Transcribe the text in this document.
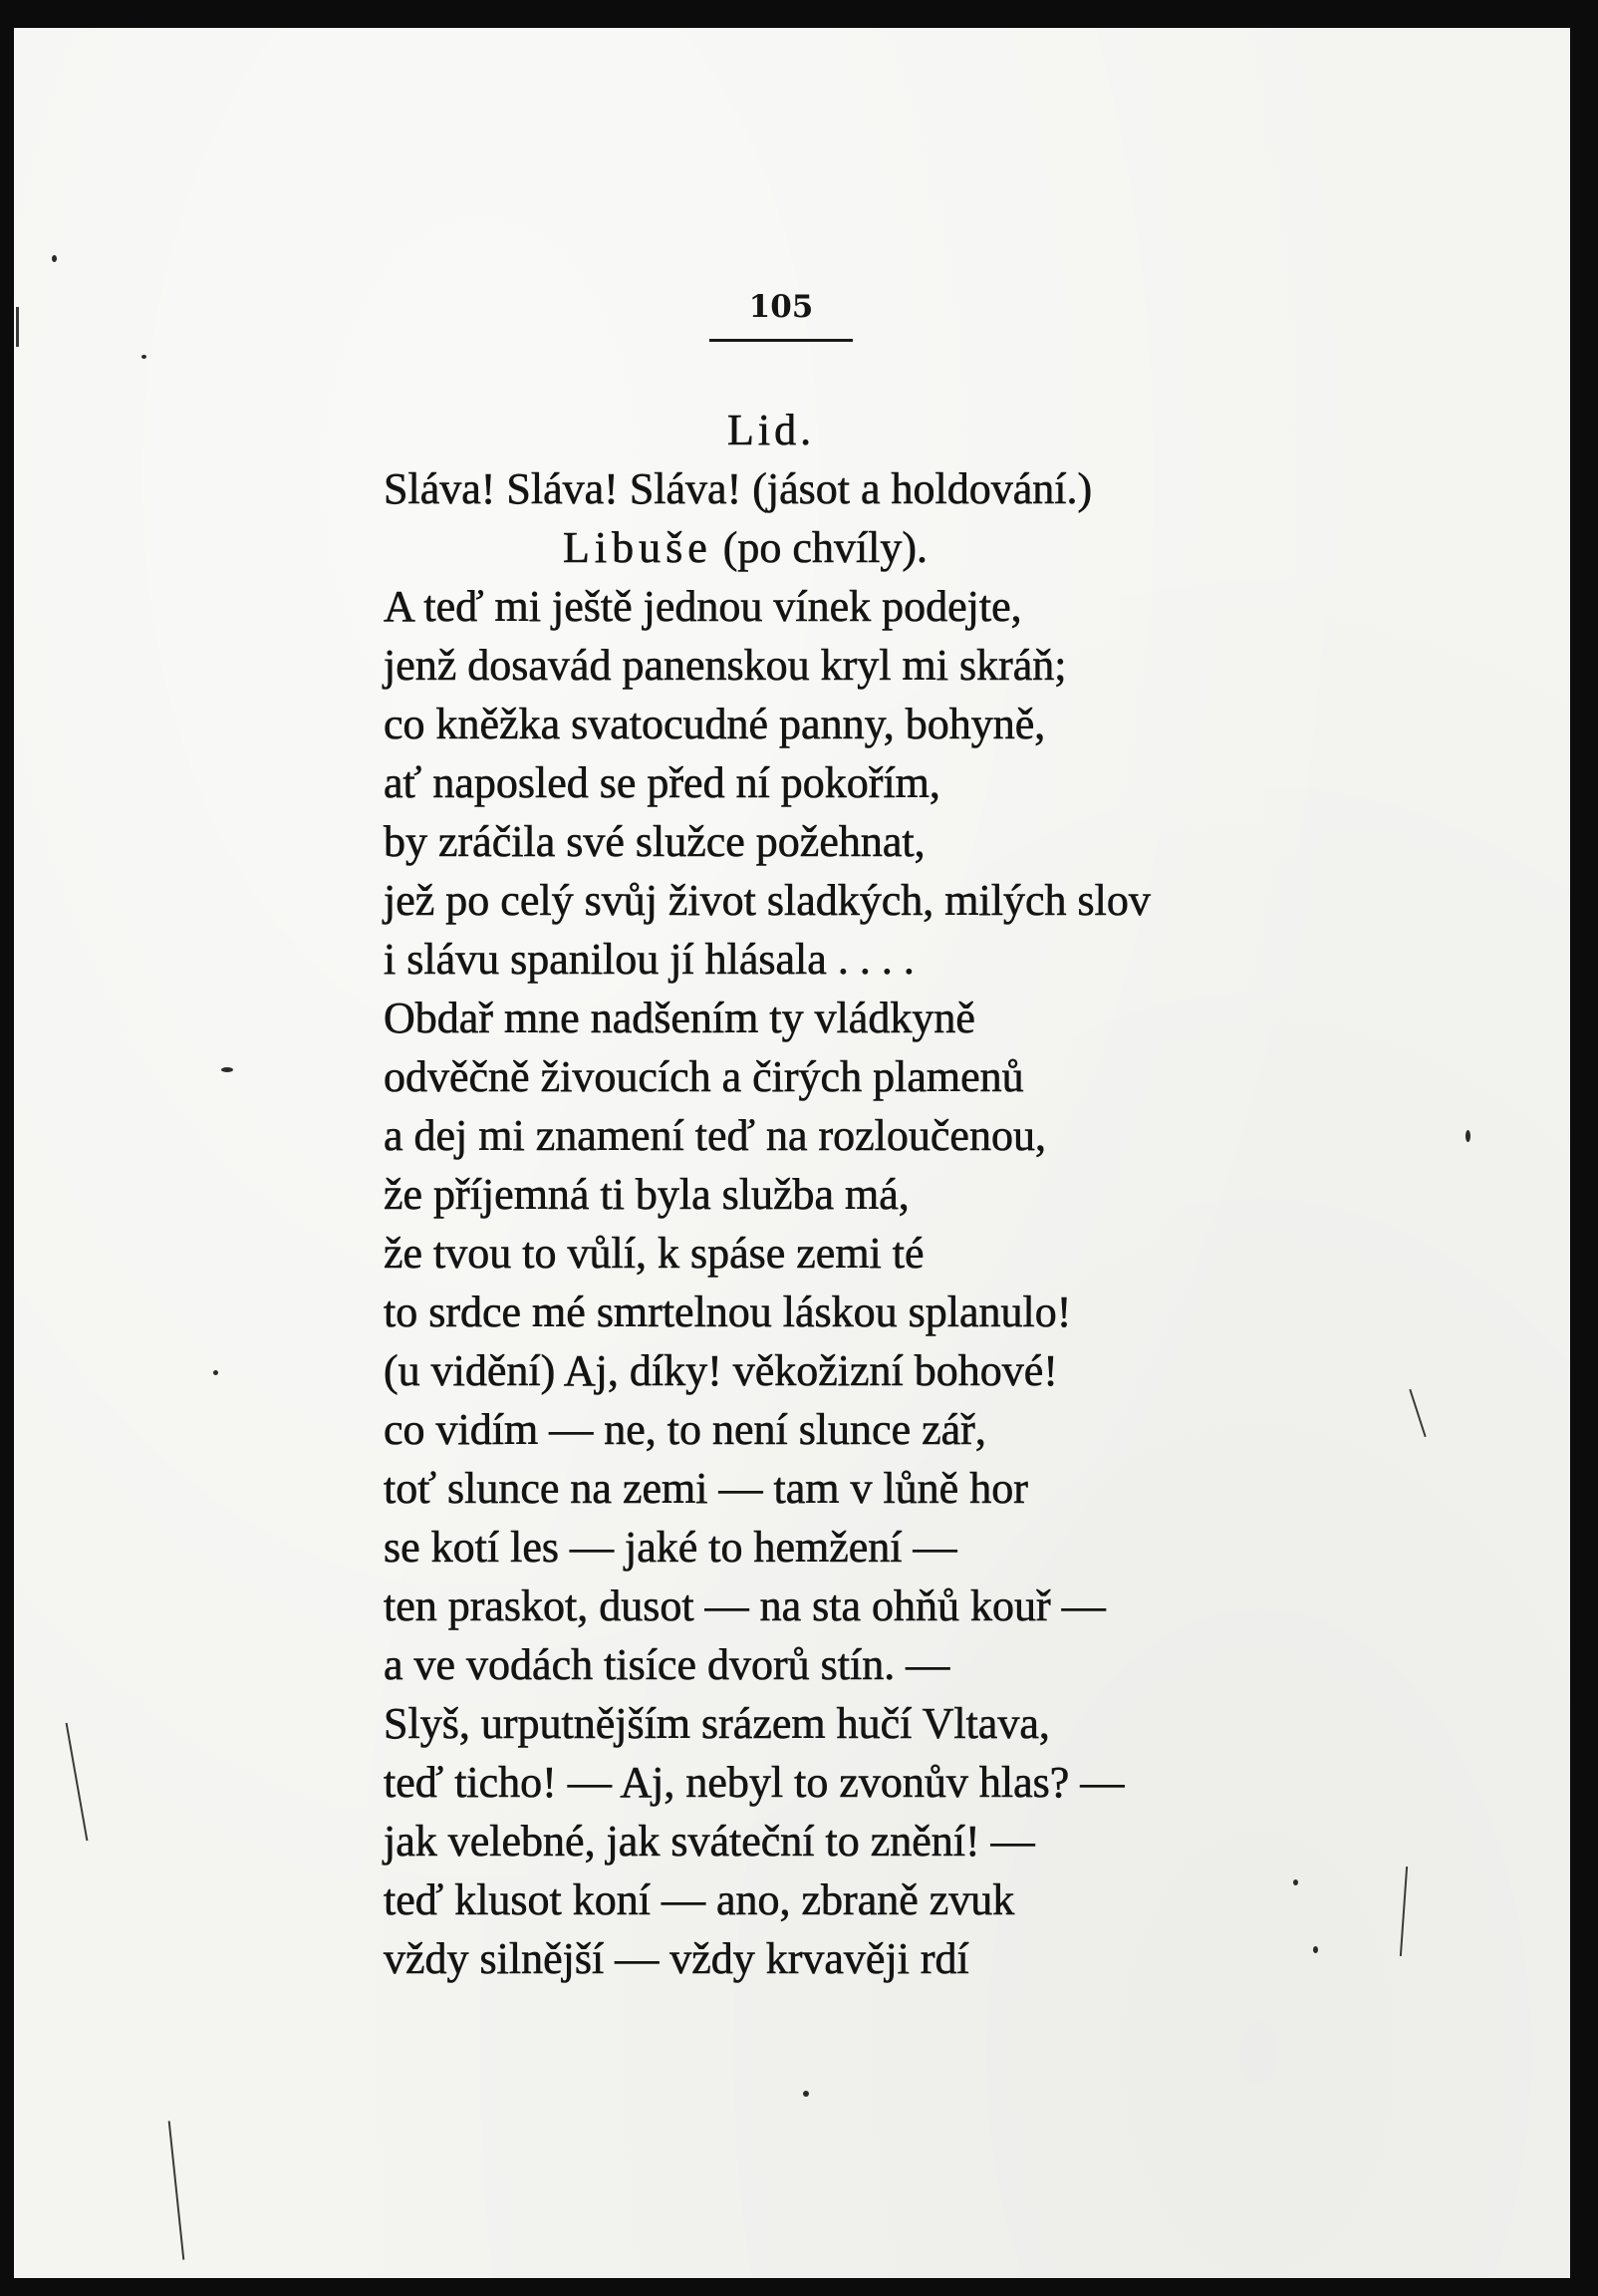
105
Lid.
Sláva! Sláva! Sláva! (jásot a holdování.)
Libuše (po chvíly).
A teď mi ještě jednou vínek podejte,
jenž dosavád panenskou kryl mi skráň;
co kněžka svatocudné panny, bohyně,
ať naposled se před ní pokořím,
by zráčila své služce požehnat,
jež po celý svůj život sladkých, milých slov
i slávu spanilou jí hlásala . . . .
Obdař mne nadšením ty vládkyně
odvěčně živoucích a čirých plamenů
a dej mi znamení teď na rozloučenou,
že příjemná ti byla služba má,
že tvou to vůlí, k spáse zemi té
to srdce mé smrtelnou láskou splanulo!
(u vidění) Aj, díky! věkožizní bohové!
co vidím — ne, to není slunce zář,
toť slunce na zemi — tam v lůně hor
se kotí les — jaké to hemžení —
ten praskot, dusot — na sta ohňů kouř —
a ve vodách tisíce dvorů stín. —
Slyš, urputnějším srázem hučí Vltava,
teď ticho! — Aj, nebyl to zvonův hlas? —
jak velebné, jak sváteční to znění! —
teď klusot koní — ano, zbraně zvuk
vždy silnější — vždy krvavěji rdí
